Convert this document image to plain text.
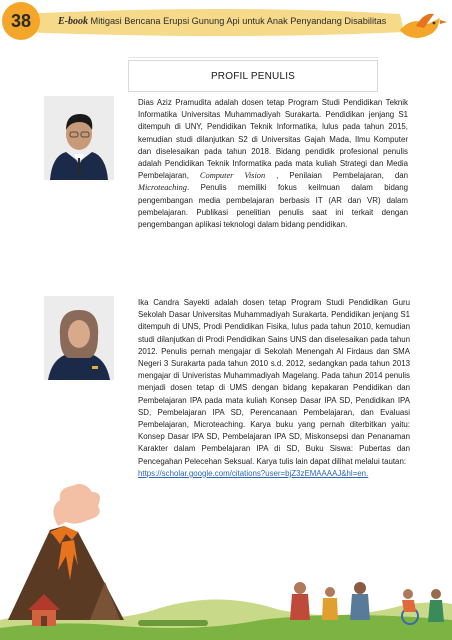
38	E-book Mitigasi Bencana Erupsi Gunung Api untuk Anak Penyandang Disabilitas
PROFIL PENULIS
Dias Aziz Pramudita adalah dosen tetap Program Studi Pendidikan Teknik Informatika Universitas Muhammadiyah Surakarta. Pendidikan jenjang S1 ditempuh di UNY, Pendidikan Teknik Informatika, lulus pada tahun 2015, kemudian studi dilanjutkan S2 di Universitas Gajah Mada, Ilmu Komputer dan diselesaikan pada tahun 2018. Bidang pendidik profesional penulis adalah Pendidikan Teknik Informatika pada mata kuliah Strategi dan Media Pembelajaran, Computer Vision , Penilaian Pembelajaran, dan Microteaching. Penulis memiliki fokus keilmuan dalam bidang pengembangan media pembelajaran berbasis IT (AR dan VR) dalam pembelajaran. Publikasi penelitian penulis saat ini terkait dengan pengembangan aplikasi teknologi dalam bidang pendidikan.
Ika Candra Sayekti adalah dosen tetap Program Studi Pendidikan Guru Sekolah Dasar Universitas Muhammadiyah Surakarta. Pendidikan jenjang S1 ditempuh di UNS, Prodi Pendidikan Fisika, lulus pada tahun 2010, kemudian studi dilanjutkan di Prodi Pendidikan Sains UNS dan diselesaikan pada tahun 2012. Penulis pernah mengajar di Sekolah Menengah Al Firdaus dan SMA Negeri 3 Surakarta pada tahun 2010 s.d. 2012, sedangkan pada tahun 2013 mengajar di Univeristas Muhammadiyah Magelang. Pada tahun 2014 penulis menjadi dosen tetap di UMS dengan bidang kepakaran Pendidikan dan Pembelajaran IPA pada mata kuliah Konsep Dasar IPA SD, Pendidikan IPA SD, Pembelajaran IPA SD, Perencanaan Pembelajaran, dan Evaluasi Pembelajaran, Microteaching. Karya buku yang pernah diterbitkan yaitu: Konsep Dasar IPA SD, Pembelajaran IPA SD, Miskonsepsi dan Penanaman Karakter dalam Pembelajaran IPA di SD, Buku Siswa: Pubertas dan Pencegahan Pelecehan Seksual. Karya tulis lain dapat dilihat melalui tautan:
https://scholar.google.com/citations?user=bjZ3zEMAAAAJ&hl=en.
